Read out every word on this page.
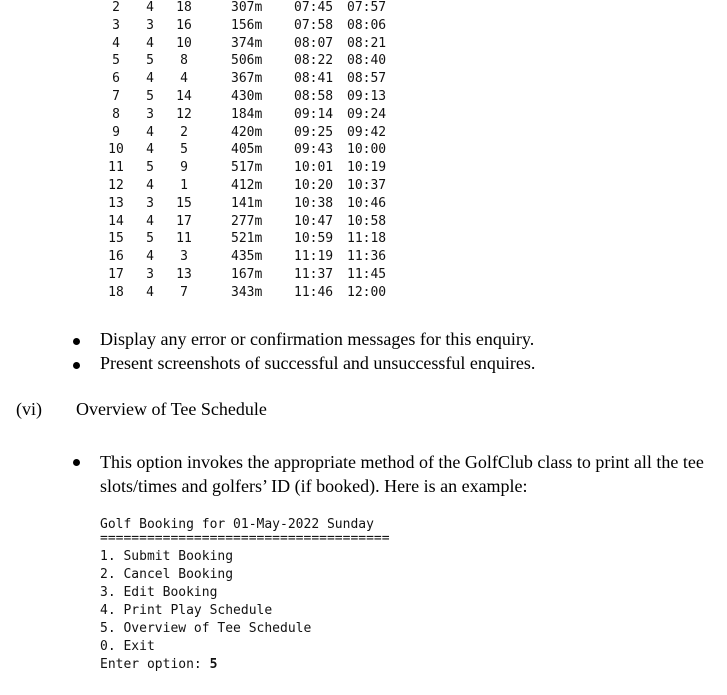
2	4	18	307m 07:45 07:57
3	3	16	156m 07:58 08:06
4	4	10	374m 08:07 08:21
5	5	8	506m 08:22 08:40
6	4	4	367m 08:41 08:57
7	5	14	430m 08:58 09:13
8	3	12	184m 09:14 09:24
9	4	2	420m 09:25 09:42
10	4	5	405m 09:43 10:00
11	5	9	517m 10:01 10:19
12	4	1	412m 10:20 10:37
13	3	15	141m 10:38 10:46
14	4	17	277m 10:47 10:58
15	5	11	521m 10:59 11:18
16	4	3	435m 11:19 11:36
17	3	13	167m 11:37 11:45
18	4	7	343m 11:46 12:00
Display any error or confirmation messages for this enquiry.
Present screenshots of successful and unsuccessful enquires.
(vi) Overview of Tee Schedule
This option invokes the appropriate method of the GolfClub class to print all the tee slots/times and golfers’ ID (if booked). Here is an example:
Golf Booking for 01-May-2022 Sunday
=====================================
1. Submit Booking
2. Cancel Booking
3. Edit Booking
4. Print Play Schedule
5. Overview of Tee Schedule
0. Exit
Enter option: 5
